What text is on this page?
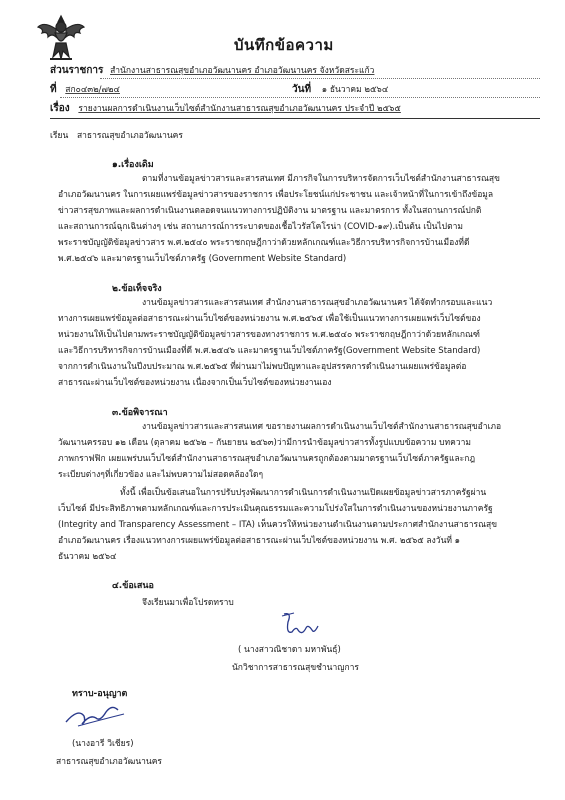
บันทึกข้อความ
ส่วนราชการ สำนักงานสาธารณสุขอำเภอวัฒนานคร อำเภอวัฒนานคร จังหวัดสระแก้ว
ที่ สก๐๔๓๒/๗๒๔	วันที่ ๑ ธันวาคม ๒๕๖๔
เรื่อง รายงานผลการดำเนินงานเว็บไซต์สำนักงานสาธารณสุขอำเภอวัฒนานคร ประจำปี ๒๕๖๕
เรียน สาธารณสุขอำเภอวัฒนานคร
๑.เรื่องเดิม
ตามที่งานข้อมูลข่าวสารและสารสนเทศ มีภารกิจในการบริหารจัดการเว็บไซต์สำนักงานสาธารณสุข
อำเภอวัฒนานคร ในการเผยแพร่ข้อมูลข่าวสารของราชการ เพื่อประโยชน์แก่ประชาชน และเจ้าหน้าที่ในการเข้าถึงข้อมูล
ข่าวสารสุขภาพและผลการดำเนินงานตลอดจนแนวทางการปฏิบัติงาน มาตรฐาน และมาตรการ ทั้งในสถานการณ์ปกติ
และสถานการณ์ฉุกเฉินต่างๆ เช่น สถานการณ์การระบาดของเชื้อไวรัสโคโรน่า (COVID-๑๙).เป็นต้น เป็นไปตาม
พระราชบัญญัติข้อมูลข่าวสาร พ.ศ.๒๕๔๐ พระราชกฤษฎีกาว่าด้วยหลักเกณฑ์และวิธีการบริหารกิจการบ้านเมืองที่ดี
พ.ศ.๒๕๔๖ และมาตรฐานเว็บไซต์ภาครัฐ (Government Website Standard)
๒.ข้อเท็จจริง
งานข้อมูลข่าวสารและสารสนเทศ สำนักงานสาธารณสุขอำเภอวัฒนานคร ได้จัดทำกรอบและแนว
ทางการเผยแพร่ข้อมูลต่อสาธารณะผ่านเว็บไซต์ของหน่วยงาน พ.ศ.๒๕๖๕ เพื่อใช้เป็นแนวทางการเผยแพร่เว็บไซต์ของ
หน่วยงานให้เป็นไปตามพระราชบัญญัติข้อมูลข่าวสารของทางราชการ พ.ศ.๒๕๔๐ พระราชกฤษฎีกาว่าด้วยหลักเกณฑ์
และวิธีการบริหารกิจการบ้านเมืองที่ดี พ.ศ.๒๕๔๖ และมาตรฐานเว็บไซต์ภาครัฐ(Government Website Standard)
จากการดำเนินงานในปีงบประมาณ พ.ศ.๒๕๖๕ ที่ผ่านมาไม่พบปัญหาและอุปสรรคการดำเนินงานเผยแพร่ข้อมูลต่อ
สาธารณะผ่านเว็บไซต์ของหน่วยงาน เนื่องจากเป็นเว็บไซต์ของหน่วยงานเอง
๓.ข้อพิจารณา
งานข้อมูลข่าวสารและสารสนเทศ ขอรายงานผลการดำเนินงานเว็บไซต์สำนักงานสาธารณสุขอำเภอ
วัฒนานครรอบ ๑๒ เดือน (ตุลาคม ๒๕๖๒ – กันยายน ๒๕๖๓)ว่ามีการนำข้อมูลข่าวสารทั้งรูปแบบข้อความ บทความ
ภาพกราฟฟิก เผยแพร่บนเว็บไซต์สำนักงานสาธารณสุขอำเภอวัฒนานครถูกต้องตามมาตรฐานเว็บไซต์ภาครัฐและกฎ
ระเบียบต่างๆที่เกี่ยวข้อง และไม่พบความไม่สอดคล้องใดๆ
ทั้งนี้ เพื่อเป็นข้อเสนอในการปรับปรุงพัฒนาการดำเนินการดำเนินงานเปิดเผยข้อมูลข่าวสารภาครัฐผ่าน
เว็บไซต์ มีประสิทธิภาพตามหลักเกณฑ์และการประเมินคุณธรรมและความโปร่งใสในการดำเนินงานของหน่วยงานภาครัฐ
(Integrity and Transparency Assessment – ITA) เห็นควรให้หน่วยงานดำเนินงานตามประกาศสำนักงานสาธารณสุข
อำเภอวัฒนานคร เรื่องแนวทางการเผยแพร่ข้อมูลต่อสาธารณะผ่านเว็บไซต์ของหน่วยงาน พ.ศ. ๒๕๖๕ ลงวันที่ ๑
ธันวาคม ๒๕๖๔
๔.ข้อเสนอ
จึงเรียนมาเพื่อโปรดทราบ
( นางสาวณิชาดา มหาพันธุ์)
นักวิชาการสาธารณสุขชำนาญการ
ทราบ-อนุญาต
(นางอารี วิเชียร)
สาธารณสุขอำเภอวัฒนานคร
